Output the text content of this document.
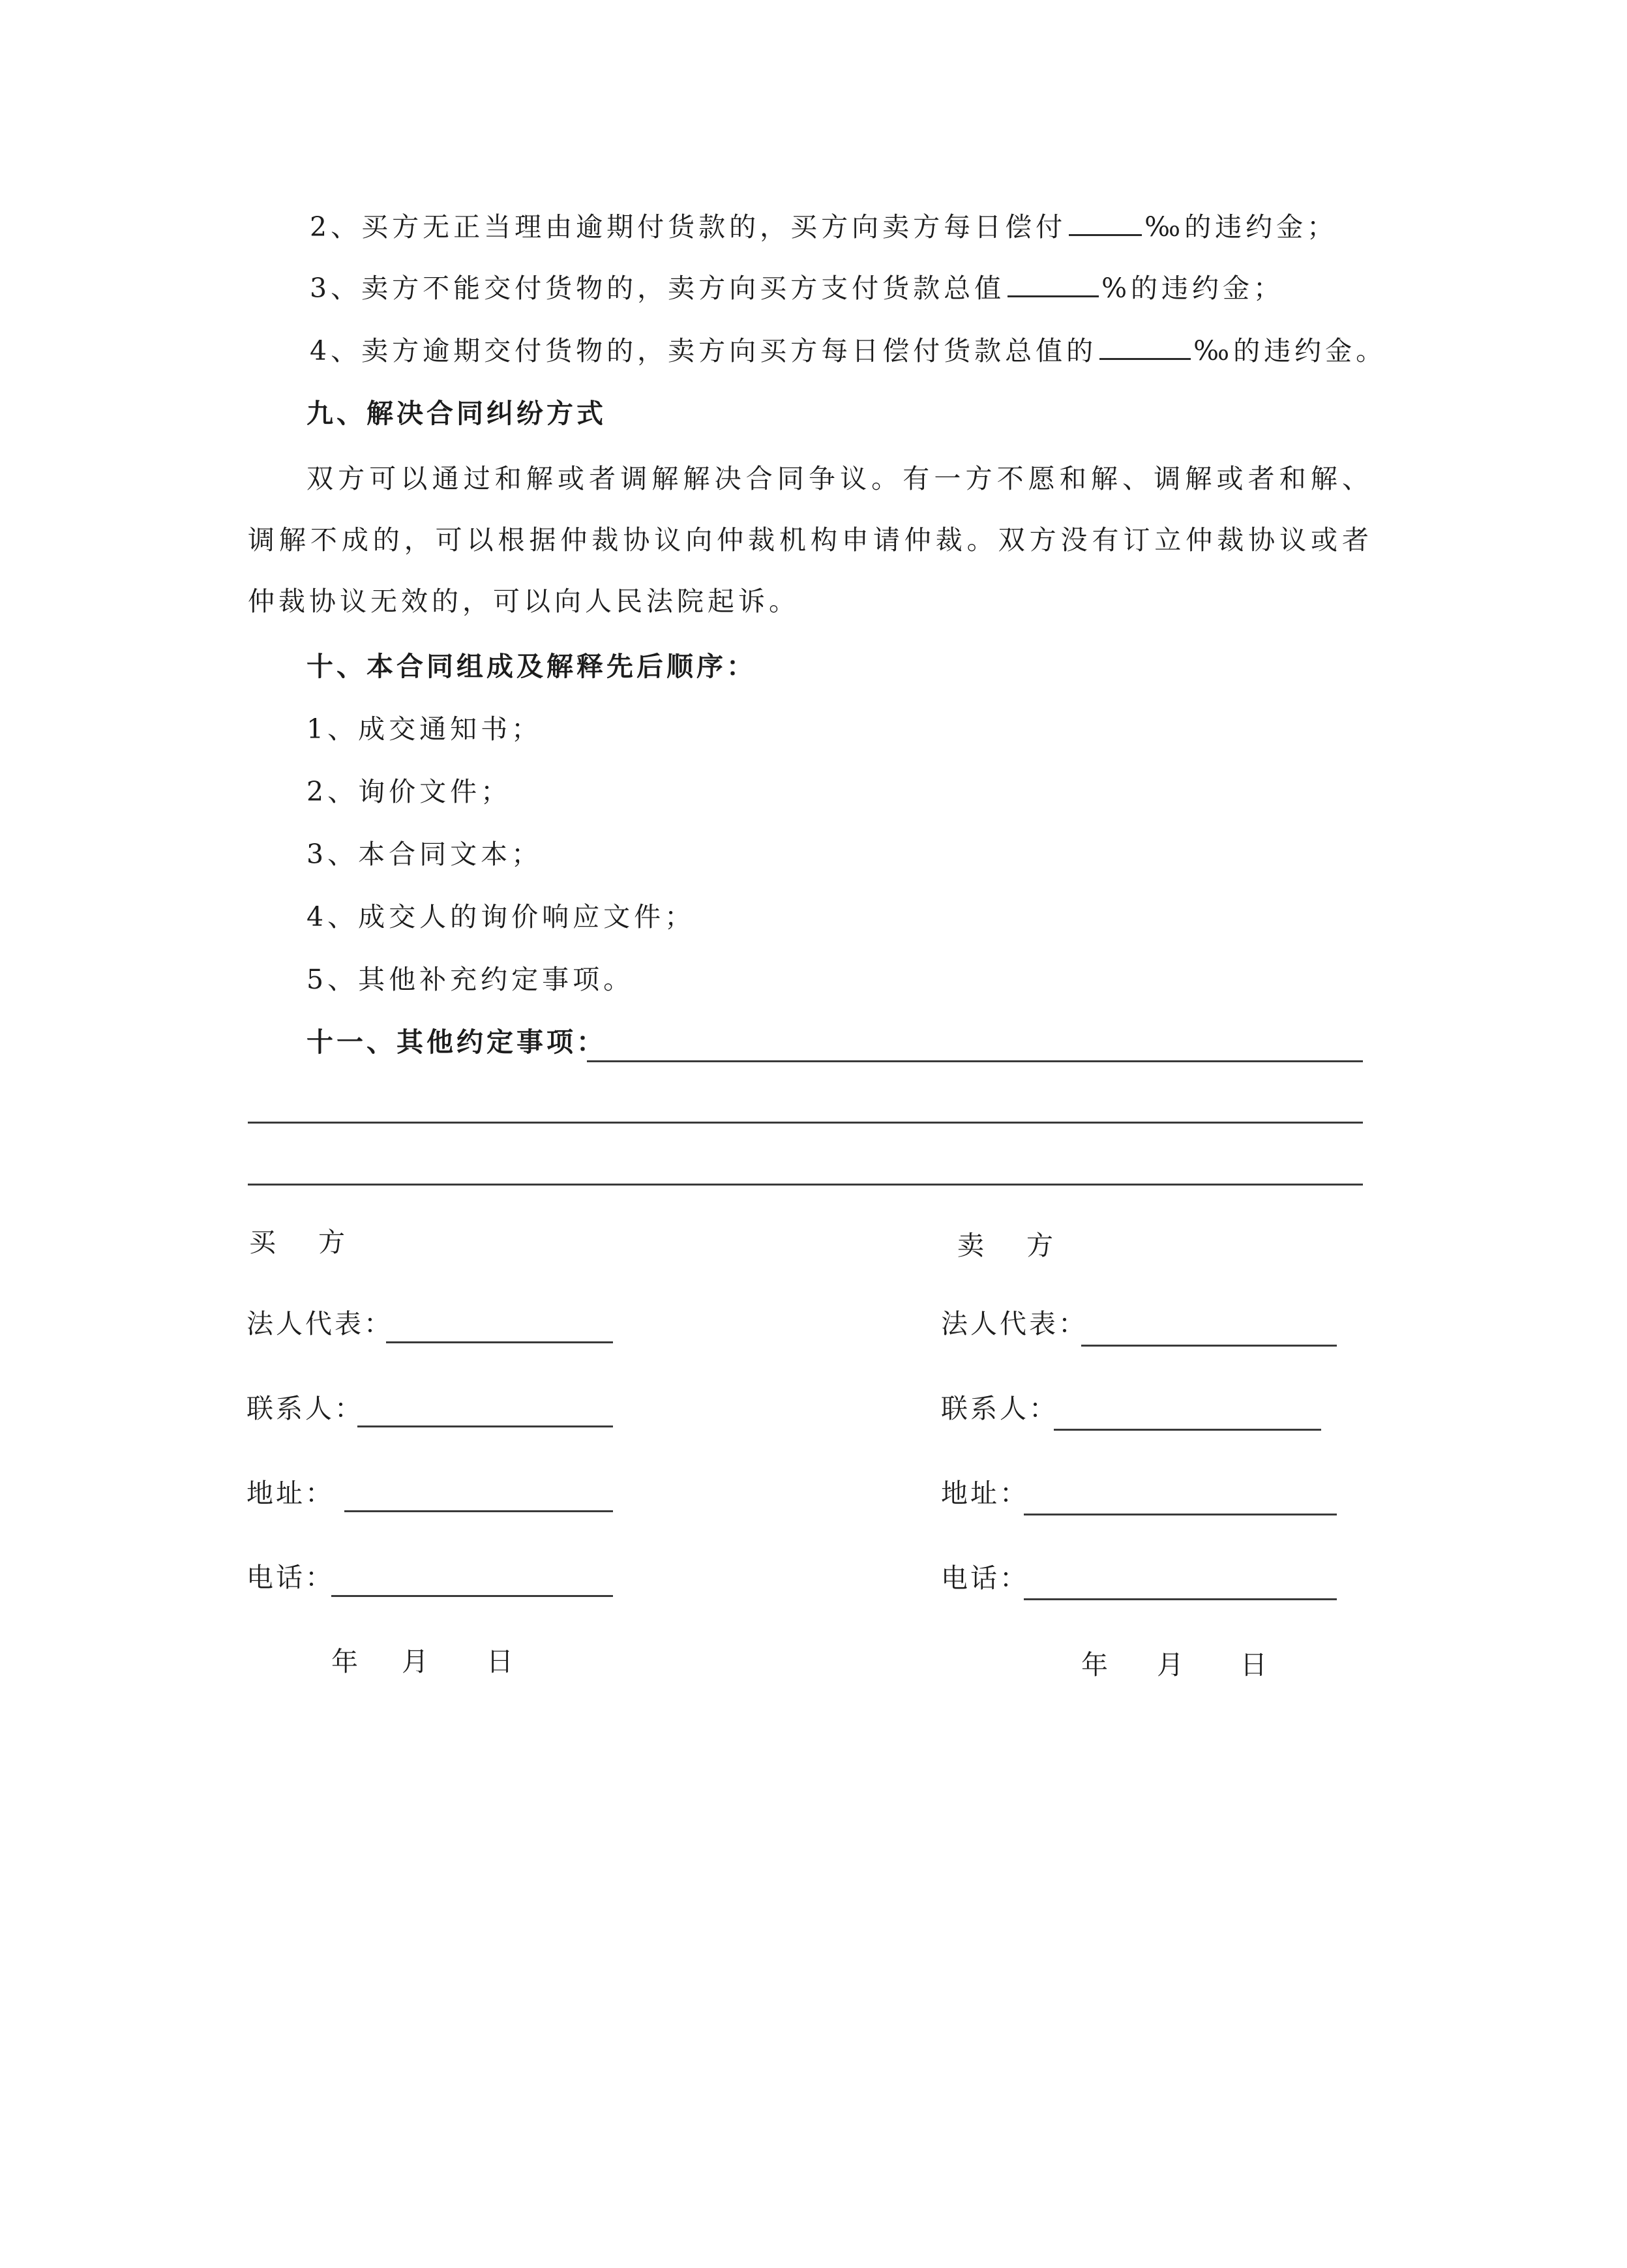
2、买方无正当理由逾期付货款的，买方向卖方每日偿付	‰的违约金；
3、卖方不能交付货物的，卖方向买方支付货款总值	%的违约金；
4、卖方逾期交付货物的，卖方向买方每日偿付货款总值的	‰的违约金。
九、解决合同纠纷方式
双方可以通过和解或者调解解决合同争议。有一方不愿和解、调解或者和解、调解不成的，可以根据仲裁协议向仲裁机构申请仲裁。双方没有订立仲裁协议或者仲裁协议无效的，可以向人民法院起诉。
十、本合同组成及解释先后顺序：
1、成交通知书；
2、询价文件；
3、本合同文本；
4、成交人的询价响应文件；
5、其他补充约定事项。
十一、其他约定事项：
买　方
法人代表：
联系人：
地址：
电话：
年 月 日
卖　方
法人代表：
联系人：
地址：
电话：
年 月 日
